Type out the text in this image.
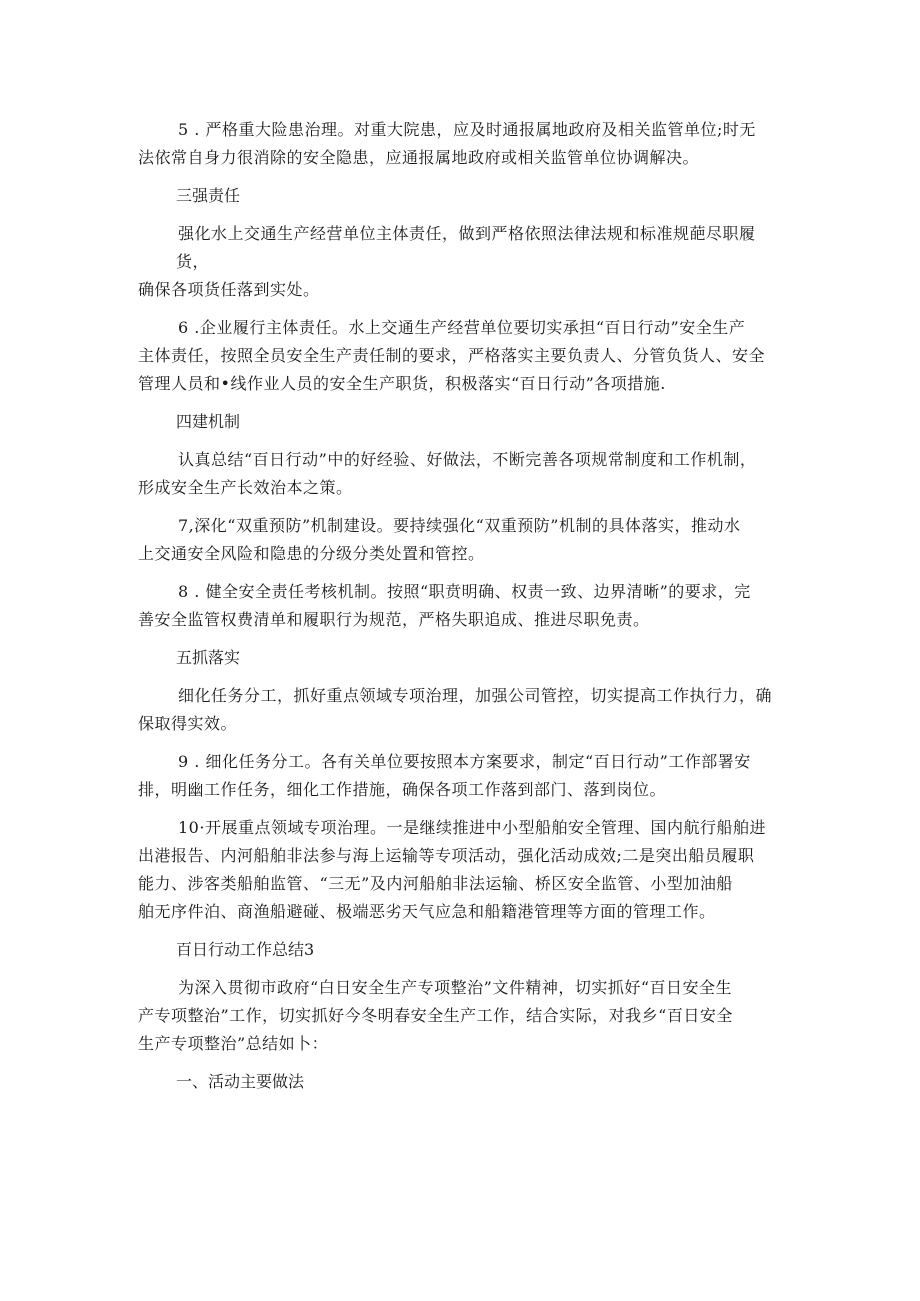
5 . 严格重大险患治理。对重大院患，应及时通报属地政府及相关监管单位;时无
法依常自身力很消除的安全隐患，应通报属地政府或相关监管单位协调解决。
三强责任
强化水上交通生产经营单位主体责任，做到严格依照法律法规和标准规葩尽职履货，
确保各项货任落到实处。
6 .企业履行主体责任。水上交通生产经营单位要切实承担“百日行动”安全生产
主体责任，按照全员安全生产责任制的要求，严格落实主要负责人、分管负货人、安全
管理人员和•线作业人员的安全生产职货，积极落实“百日行动”各项措施.
四建机制
认真总结“百日行动”中的好经验、好做法，不断完善各项规常制度和工作机制，
形成安全生产长效治本之策。
7,深化“双重预防”机制建设。要持续强化“双重预防”机制的具体落实，推动水
上交通安全风险和隐患的分级分类处置和管控。
8 . 健全安全责任考核机制。按照“职贲明确、权责一致、边界清晰”的要求，完
善安全监管权费清单和履职行为规范，严格失职追成、推进尽职免责。
五抓落实
细化任务分工，抓好重点领域专项治理，加强公司管控，切实提高工作执行力，确
保取得实效。
9 . 细化任务分工。各有关单位要按照本方案要求，制定“百日行动”工作部署安
排，明幽工作任务，细化工作措施，确保各项工作落到部门、落到岗位。
10·开展重点领域专项治理。一是继续推进中小型船舶安全管理、国内航行船舶进
出港报告、内河船舶非法参与海上运输等专项活动，强化活动成效;二是突出船员履职
能力、涉客类船舶监管、“三无”及内河船舶非法运输、桥区安全监管、小型加油船
舶无序件泊、商渔船避碰、极端恶劣天气应急和船籍港管理等方面的管理工作。
百日行动工作总结3
为深入贯彻市政府“白日安全生产专项整治”文件精神，切实抓好“百日安全生
产专项整治”工作，切实抓好今冬明春安全生产工作，结合实际，对我乡“百日安全
生产专项整治”总结如卜：
一、活动主要做法
